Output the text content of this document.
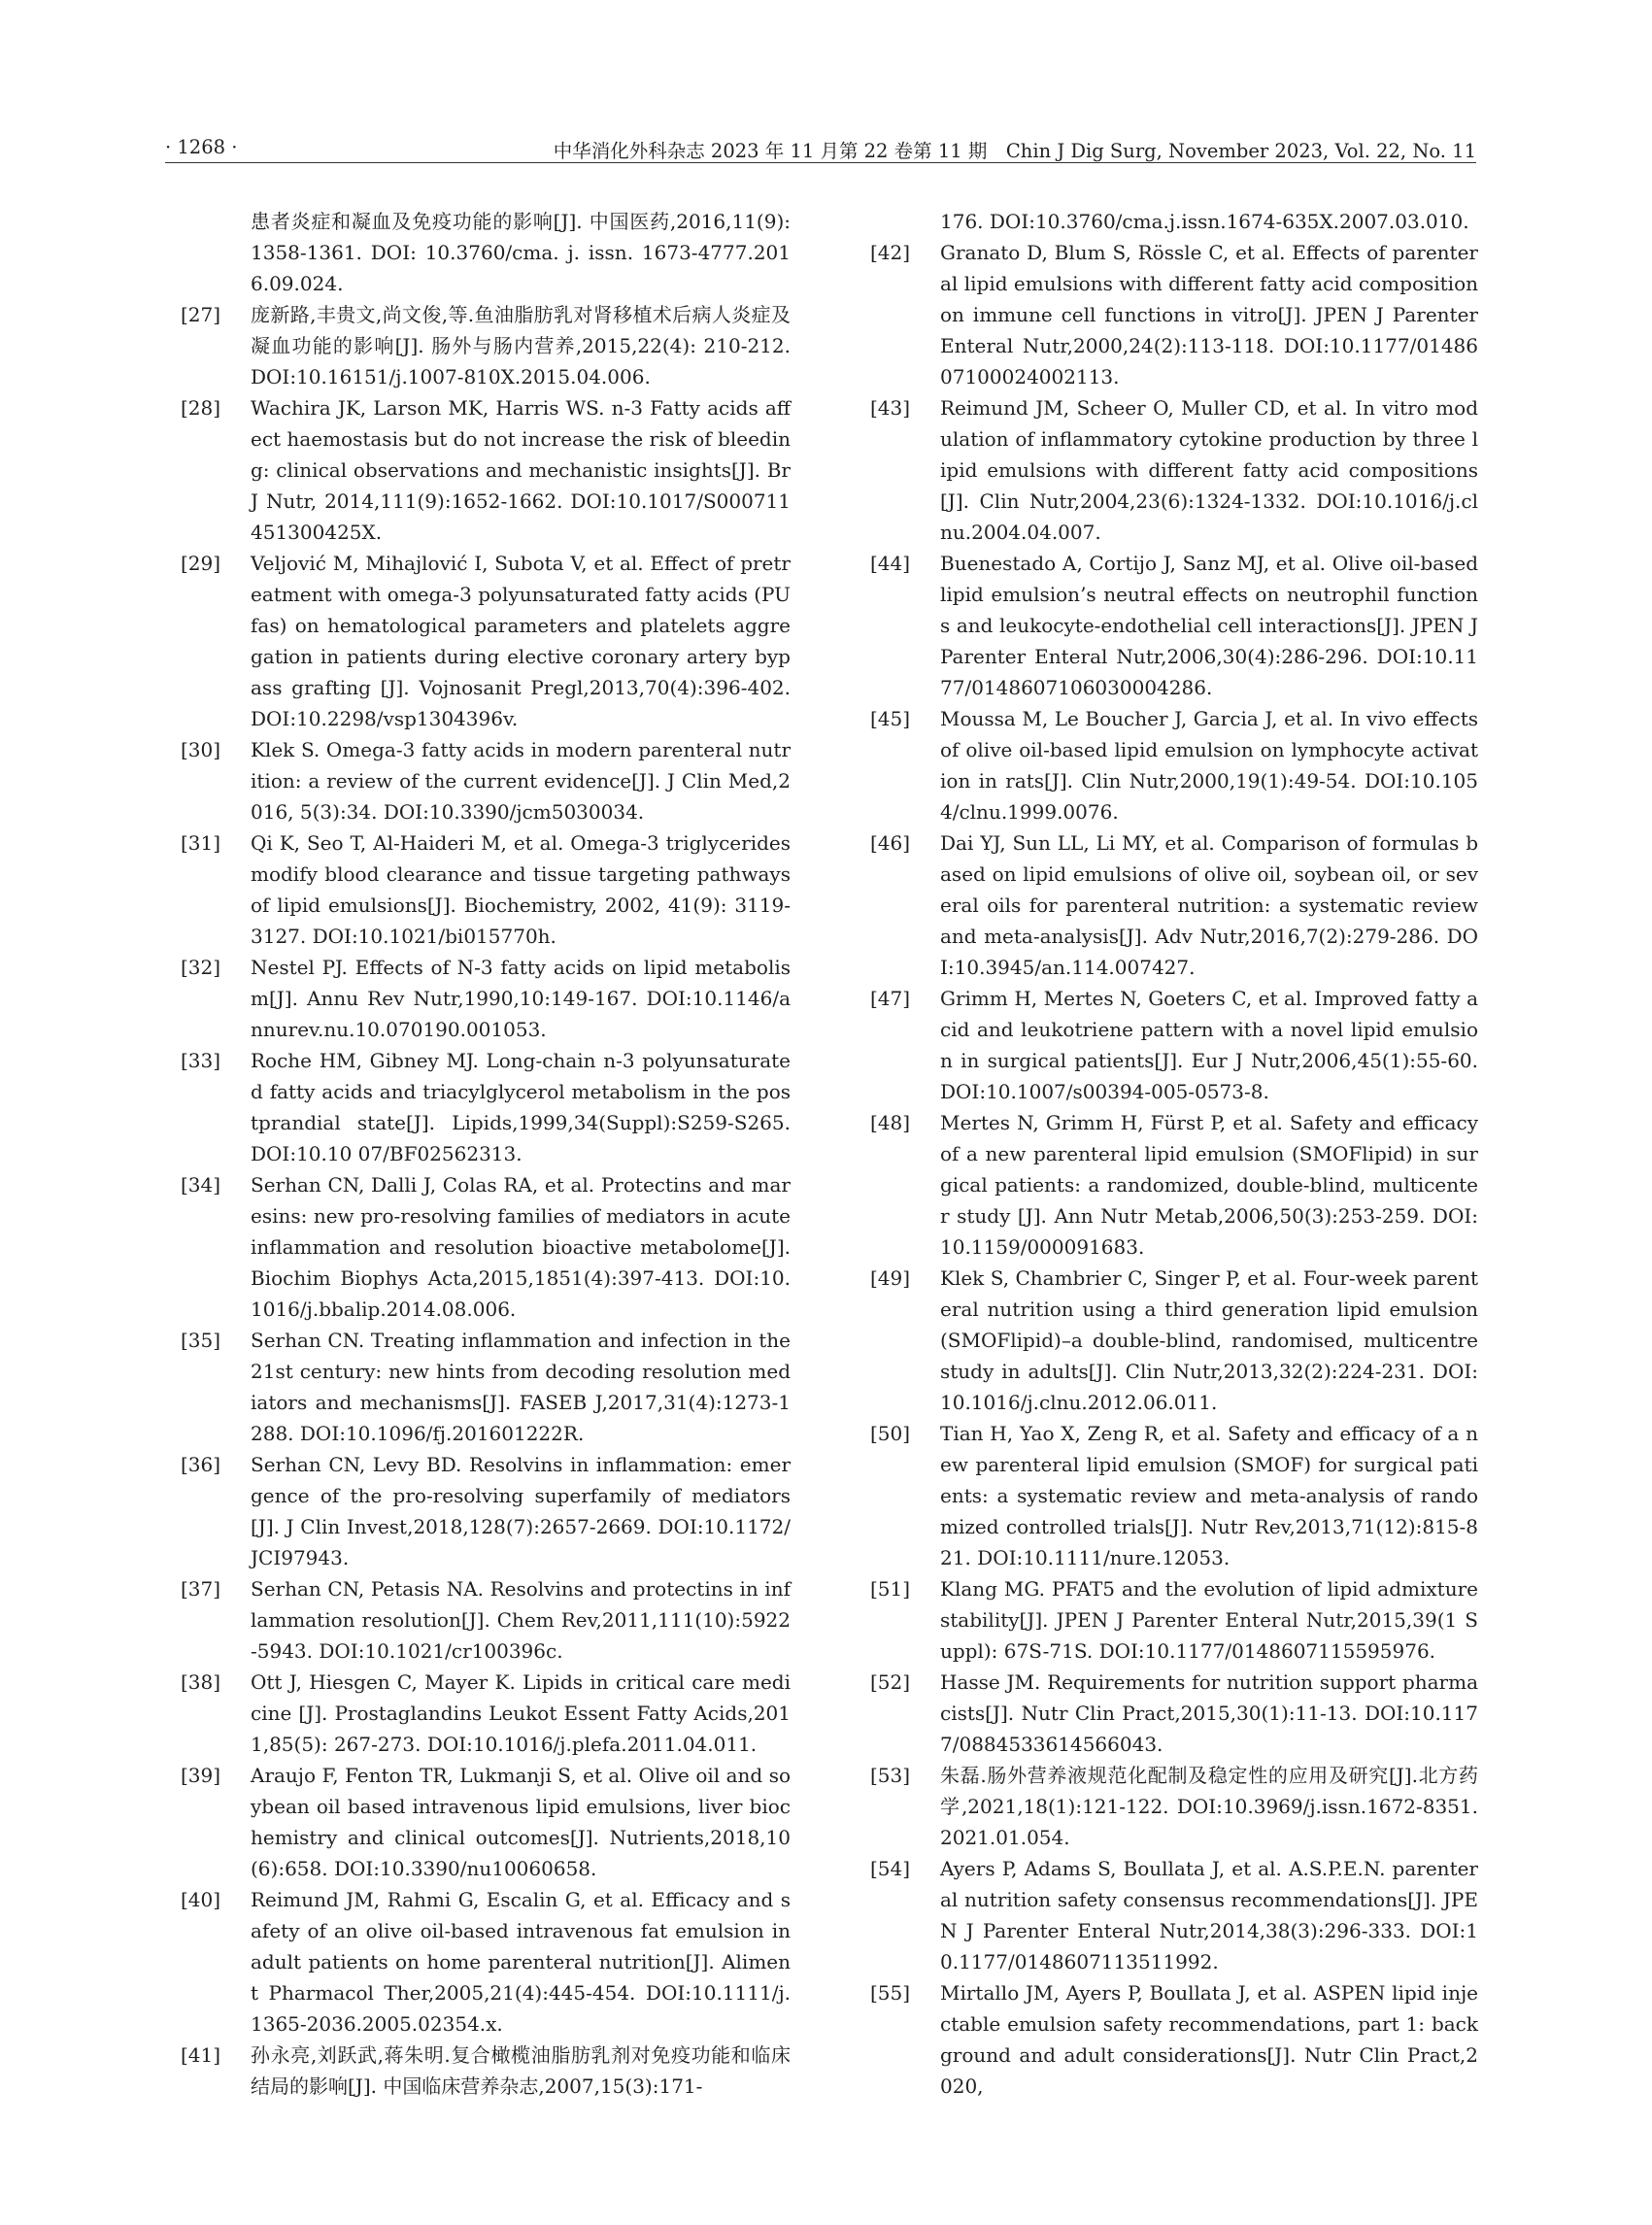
· 1268 ·	中华消化外科杂志 2023 年 11 月第 22 卷第 11 期　Chin J Dig Surg, November 2023, Vol. 22, No. 11
患者炎症和凝血及免疫功能的影响[J]. 中国医药,2016,11(9): 1358-1361. DOI: 10.3760/cma. j. issn. 1673-4777.2016.09.024.
[27]	庞新路,丰贵文,尚文俊,等.鱼油脂肪乳对肾移植术后病人炎症及凝血功能的影响[J]. 肠外与肠内营养,2015,22(4): 210-212. DOI:10.16151/j.1007-810X.2015.04.006.
[28]	Wachira JK, Larson MK, Harris WS. n-3 Fatty acids affect haemostasis but do not increase the risk of bleeding: clinical observations and mechanistic insights[J]. Br J Nutr, 2014,111(9):1652-1662. DOI:10.1017/S000711451300425X.
[29]	Veljović M, Mihajlović I, Subota V, et al. Effect of pretreatment with omega-3 polyunsaturated fatty acids (PUfas) on hematological parameters and platelets aggregation in patients during elective coronary artery bypass grafting [J]. Vojnosanit Pregl,2013,70(4):396-402. DOI:10.2298/vsp1304396v.
[30]	Klek S. Omega-3 fatty acids in modern parenteral nutrition: a review of the current evidence[J]. J Clin Med,2016, 5(3):34. DOI:10.3390/jcm5030034.
[31]	Qi K, Seo T, Al-Haideri M, et al. Omega-3 triglycerides modify blood clearance and tissue targeting pathways of lipid emulsions[J]. Biochemistry, 2002, 41(9): 3119-3127. DOI:10.1021/bi015770h.
[32]	Nestel PJ. Effects of N-3 fatty acids on lipid metabolism[J]. Annu Rev Nutr,1990,10:149-167. DOI:10.1146/annurev.nu.10.070190.001053.
[33]	Roche HM, Gibney MJ. Long-chain n-3 polyunsaturated fatty acids and triacylglycerol metabolism in the postprandial state[J]. Lipids,1999,34(Suppl):S259-S265. DOI:10.10 07/BF02562313.
[34]	Serhan CN, Dalli J, Colas RA, et al. Protectins and maresins: new pro-resolving families of mediators in acute inflammation and resolution bioactive metabolome[J]. Biochim Biophys Acta,2015,1851(4):397-413. DOI:10.1016/j.bbalip.2014.08.006.
[35]	Serhan CN. Treating inflammation and infection in the 21st century: new hints from decoding resolution mediators and mechanisms[J]. FASEB J,2017,31(4):1273-1288. DOI:10.1096/fj.201601222R.
[36]	Serhan CN, Levy BD. Resolvins in inflammation: emergence of the pro-resolving superfamily of mediators[J]. J Clin Invest,2018,128(7):2657-2669. DOI:10.1172/JCI97943.
[37]	Serhan CN, Petasis NA. Resolvins and protectins in inflammation resolution[J]. Chem Rev,2011,111(10):5922-5943. DOI:10.1021/cr100396c.
[38]	Ott J, Hiesgen C, Mayer K. Lipids in critical care medicine [J]. Prostaglandins Leukot Essent Fatty Acids,2011,85(5): 267-273. DOI:10.1016/j.plefa.2011.04.011.
[39]	Araujo F, Fenton TR, Lukmanji S, et al. Olive oil and soybean oil based intravenous lipid emulsions, liver biochemistry and clinical outcomes[J]. Nutrients,2018,10(6):658. DOI:10.3390/nu10060658.
[40]	Reimund JM, Rahmi G, Escalin G, et al. Efficacy and safety of an olive oil-based intravenous fat emulsion in adult patients on home parenteral nutrition[J]. Aliment Pharmacol Ther,2005,21(4):445-454. DOI:10.1111/j.1365-2036.2005.02354.x.
[41]	孙永亮,刘跃武,蒋朱明.复合橄榄油脂肪乳剂对免疫功能和临床结局的影响[J]. 中国临床营养杂志,2007,15(3):171-
176. DOI:10.3760/cma.j.issn.1674-635X.2007.03.010.
[42]	Granato D, Blum S, Rössle C, et al. Effects of parenteral lipid emulsions with different fatty acid composition on immune cell functions in vitro[J]. JPEN J Parenter Enteral Nutr,2000,24(2):113-118. DOI:10.1177/0148607100024002113.
[43]	Reimund JM, Scheer O, Muller CD, et al. In vitro modulation of inflammatory cytokine production by three lipid emulsions with different fatty acid compositions[J]. Clin Nutr,2004,23(6):1324-1332. DOI:10.1016/j.clnu.2004.04.007.
[44]	Buenestado A, Cortijo J, Sanz MJ, et al. Olive oil-based lipid emulsion’s neutral effects on neutrophil functions and leukocyte-endothelial cell interactions[J]. JPEN J Parenter Enteral Nutr,2006,30(4):286-296. DOI:10.1177/0148607106030004286.
[45]	Moussa M, Le Boucher J, Garcia J, et al. In vivo effects of olive oil-based lipid emulsion on lymphocyte activation in rats[J]. Clin Nutr,2000,19(1):49-54. DOI:10.1054/clnu.1999.0076.
[46]	Dai YJ, Sun LL, Li MY, et al. Comparison of formulas based on lipid emulsions of olive oil, soybean oil, or several oils for parenteral nutrition: a systematic review and meta-analysis[J]. Adv Nutr,2016,7(2):279-286. DOI:10.3945/an.114.007427.
[47]	Grimm H, Mertes N, Goeters C, et al. Improved fatty acid and leukotriene pattern with a novel lipid emulsion in surgical patients[J]. Eur J Nutr,2006,45(1):55-60. DOI:10.1007/s00394-005-0573-8.
[48]	Mertes N, Grimm H, Fürst P, et al. Safety and efficacy of a new parenteral lipid emulsion (SMOFlipid) in surgical patients: a randomized, double-blind, multicenter study [J]. Ann Nutr Metab,2006,50(3):253-259. DOI:10.1159/000091683.
[49]	Klek S, Chambrier C, Singer P, et al. Four-week parenteral nutrition using a third generation lipid emulsion (SMOFlipid)–a double-blind, randomised, multicentre study in adults[J]. Clin Nutr,2013,32(2):224-231. DOI:10.1016/j.clnu.2012.06.011.
[50]	Tian H, Yao X, Zeng R, et al. Safety and efficacy of a new parenteral lipid emulsion (SMOF) for surgical patients: a systematic review and meta-analysis of randomized controlled trials[J]. Nutr Rev,2013,71(12):815-821. DOI:10.1111/nure.12053.
[51]	Klang MG. PFAT5 and the evolution of lipid admixture stability[J]. JPEN J Parenter Enteral Nutr,2015,39(1 Suppl): 67S-71S. DOI:10.1177/0148607115595976.
[52]	Hasse JM. Requirements for nutrition support pharmacists[J]. Nutr Clin Pract,2015,30(1):11-13. DOI:10.1177/0884533614566043.
[53]	朱磊.肠外营养液规范化配制及稳定性的应用及研究[J].北方药学,2021,18(1):121-122. DOI:10.3969/j.issn.1672-8351.2021.01.054.
[54]	Ayers P, Adams S, Boullata J, et al. A.S.P.E.N. parenteral nutrition safety consensus recommendations[J]. JPEN J Parenter Enteral Nutr,2014,38(3):296-333. DOI:10.1177/0148607113511992.
[55]	Mirtallo JM, Ayers P, Boullata J, et al. ASPEN lipid injectable emulsion safety recommendations, part 1: background and adult considerations[J]. Nutr Clin Pract,2020,
